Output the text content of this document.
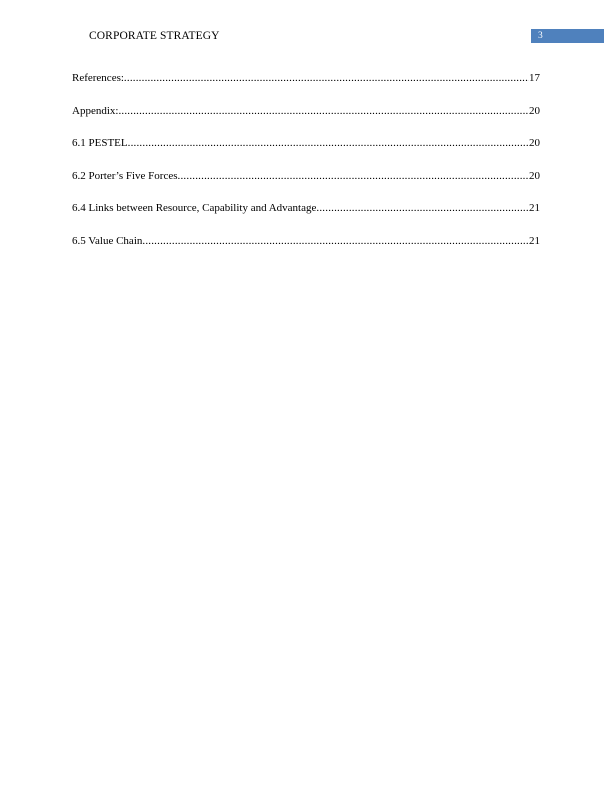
CORPORATE STRATEGY	3
References: .....	17
Appendix: .....	20
6.1 PESTEL .....	20
6.2 Porter’s Five Forces .....	20
6.4 Links between Resource, Capability and Advantage .....	21
6.5 Value Chain .....	21
